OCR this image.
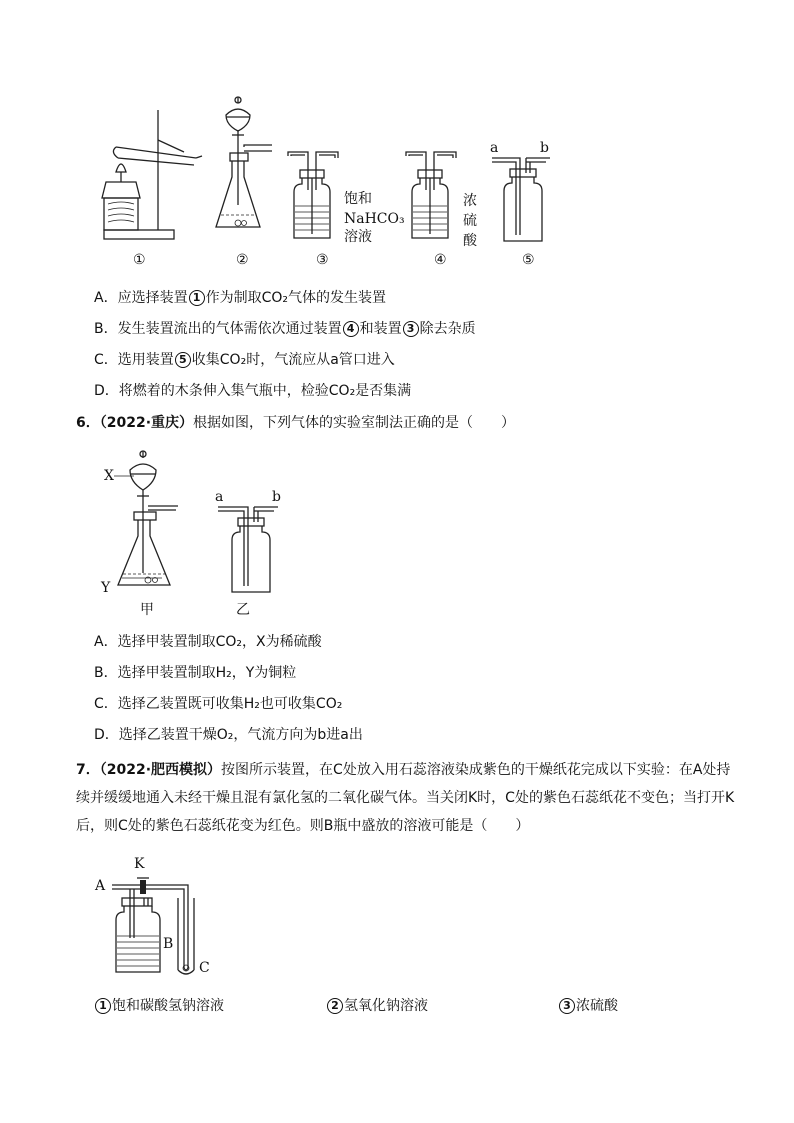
①	②
饱和
NaHCO₃
溶液
③
浓
硫
酸
④
a	b
⑤
A．应选择装置 1 作为制取CO₂气体的发生装置
B．发生装置流出的气体需依次通过装置 4 和装置 3 除去杂质
C．选用装置 5 收集CO₂时，气流应从a管口进入
D．将燃着的木条伸入集气瓶中，检验CO₂是否集满
6．（2022·重庆）根据如图，下列气体的实验室制法正确的是（　　）
X
Y
甲
a	b
乙
A．选择甲装置制取CO₂，X为稀硫酸
B．选择甲装置制取H₂，Y为铜粒
C．选择乙装置既可收集H₂也可收集CO₂
D．选择乙装置干燥O₂，气流方向为b进a出
7．（2022·肥西模拟）按图所示装置，在C处放入用石蕊溶液染成紫色的干燥纸花完成以下实验：在A处持续并缓缓地通入未经干燥且混有氯化氢的二氧化碳气体。当关闭K时，C处的紫色石蕊纸花不变色；当打开K后，则C处的紫色石蕊纸花变为红色。则B瓶中盛放的溶液可能是（　　）
K
A
B
C
1 饱和碳酸氢钠溶液	2 氢氧化钠溶液	3 浓硫酸
